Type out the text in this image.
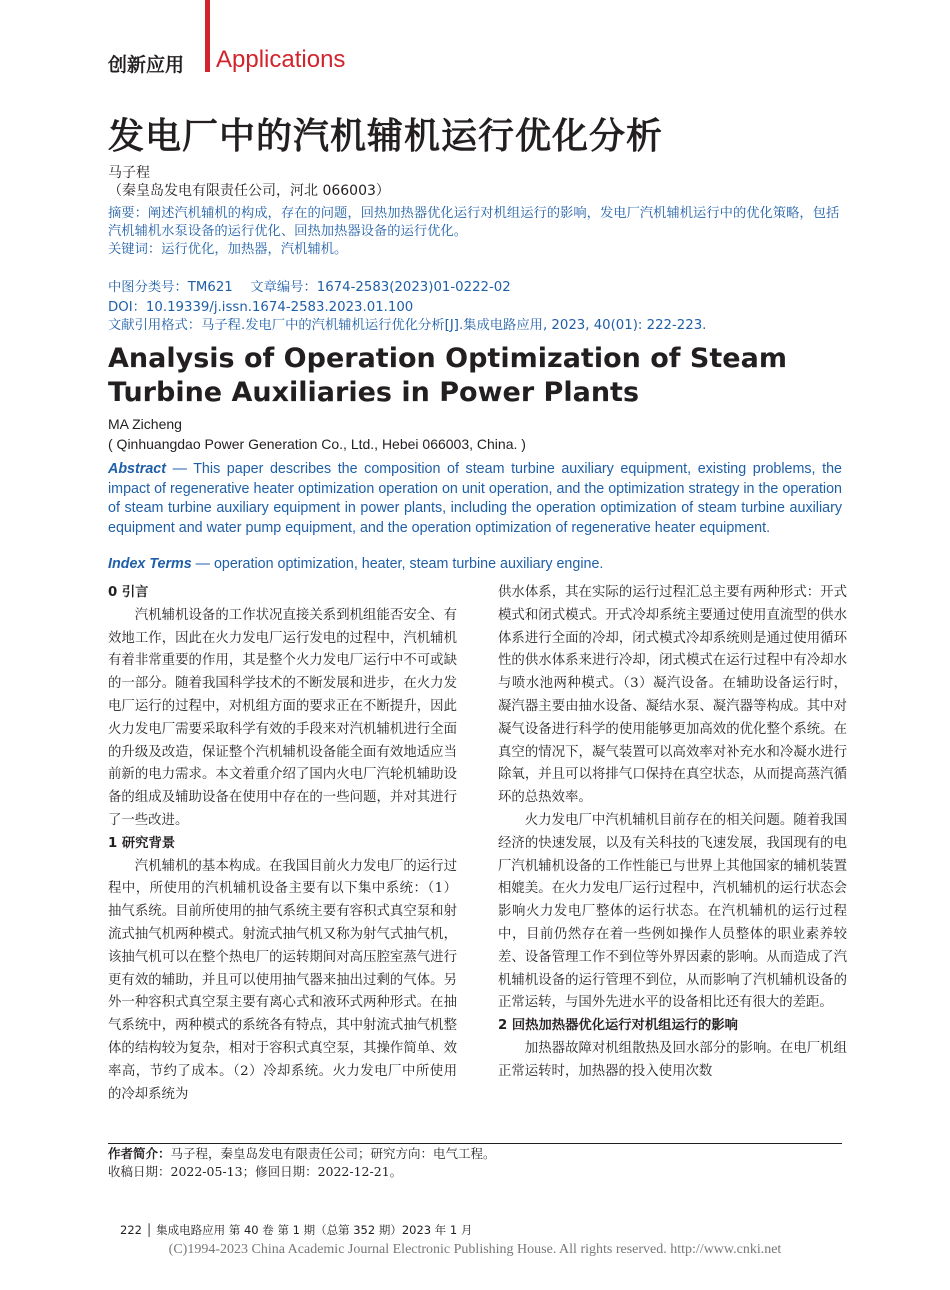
创新应用 Applications
发电厂中的汽机辅机运行优化分析
马子程
（秦皇岛发电有限责任公司，河北 066003）
摘要：阐述汽机辅机的构成，存在的问题，回热加热器优化运行对机组运行的影响，发电厂汽机辅机运行中的优化策略，包括汽机辅机水泵设备的运行优化、回热加热器设备的运行优化。
关键词：运行优化，加热器，汽机辅机。
中图分类号：TM621　 文章编号：1674-2583(2023)01-0222-02
DOI：10.19339/j.issn.1674-2583.2023.01.100
文献引用格式：马子程.发电厂中的汽机辅机运行优化分析[J].集成电路应用, 2023, 40(01): 222-223.
Analysis of Operation Optimization of Steam Turbine Auxiliaries in Power Plants
MA Zicheng
( Qinhuangdao Power Generation Co., Ltd., Hebei 066003, China. )
Abstract — This paper describes the composition of steam turbine auxiliary equipment, existing problems, the impact of regenerative heater optimization operation on unit operation, and the optimization strategy in the operation of steam turbine auxiliary equipment in power plants, including the operation optimization of steam turbine auxiliary equipment and water pump equipment, and the operation optimization of regenerative heater equipment.
Index Terms — operation optimization, heater, steam turbine auxiliary engine.
0 引言

汽机辅机设备的工作状况直接关系到机组能否安全、有效地工作，因此在火力发电厂运行发电的过程中，汽机辅机有着非常重要的作用，其是整个火力发电厂运行中不可或缺的一部分。随着我国科学技术的不断发展和进步，在火力发电厂运行的过程中，对机组方面的要求正在不断提升，因此火力发电厂需要采取科学有效的手段来对汽机辅机进行全面的升级及改造，保证整个汽机辅机设备能全面有效地适应当前新的电力需求。本文着重介绍了国内火电厂汽轮机辅助设备的组成及辅助设备在使用中存在的一些问题，并对其进行了一些改进。

1 研究背景

汽机辅机的基本构成。在我国目前火力发电厂的运行过程中，所使用的汽机辅机设备主要有以下集中系统：（1）抽气系统。目前所使用的抽气系统主要有容积式真空泵和射流式抽气机两种模式。射流式抽气机又称为射气式抽气机，该抽气机可以在整个热电厂的运转期间对高压腔室蒸气进行更有效的辅助，并且可以使用抽气器来抽出过剩的气体。另外一种容积式真空泵主要有离心式和液环式两种形式。在抽气系统中，两种模式的系统各有特点，其中射流式抽气机整体的结构较为复杂，相对于容积式真空泵，其操作简单、效率高，节约了成本。（2）冷却系统。火力发电厂中所使用的冷却系统为

供水体系，其在实际的运行过程汇总主要有两种形式：开式模式和闭式模式。开式冷却系统主要通过使用直流型的供水体系进行全面的冷却，闭式模式冷却系统则是通过使用循环性的供水体系来进行冷却，闭式模式在运行过程中有冷却水与喷水池两种模式。（3）凝汽设备。在辅助设备运行时，凝汽器主要由抽水设备、凝结水泵、凝汽器等构成。其中对凝气设备进行科学的使用能够更加高效的优化整个系统。在真空的情况下，凝气装置可以高效率对补充水和冷凝水进行除氧，并且可以将排气口保持在真空状态，从而提高蒸汽循环的总热效率。

火力发电厂中汽机辅机目前存在的相关问题。随着我国经济的快速发展，以及有关科技的飞速发展，我国现有的电厂汽机辅机设备的工作性能已与世界上其他国家的辅机装置相媲美。在火力发电厂运行过程中，汽机辅机的运行状态会影响火力发电厂整体的运行状态。在汽机辅机的运行过程中，目前仍然存在着一些例如操作人员整体的职业素养较差、设备管理工作不到位等外界因素的影响。从而造成了汽机辅机设备的运行管理不到位，从而影响了汽机辅机设备的正常运转，与国外先进水平的设备相比还有很大的差距。

2 回热加热器优化运行对机组运行的影响

加热器故障对机组散热及回水部分的影响。在电厂机组正常运转时，加热器的投入使用次数

作者简介：马子程，秦皇岛发电有限责任公司；研究方向：电气工程。
收稿日期：2022-05-13；修回日期：2022-12-21。
222 │ 集成电路应用 第 40 卷 第 1 期（总第 352 期）2023 年 1 月
(C)1994-2023 China Academic Journal Electronic Publishing House. All rights reserved. http://www.cnki.net
